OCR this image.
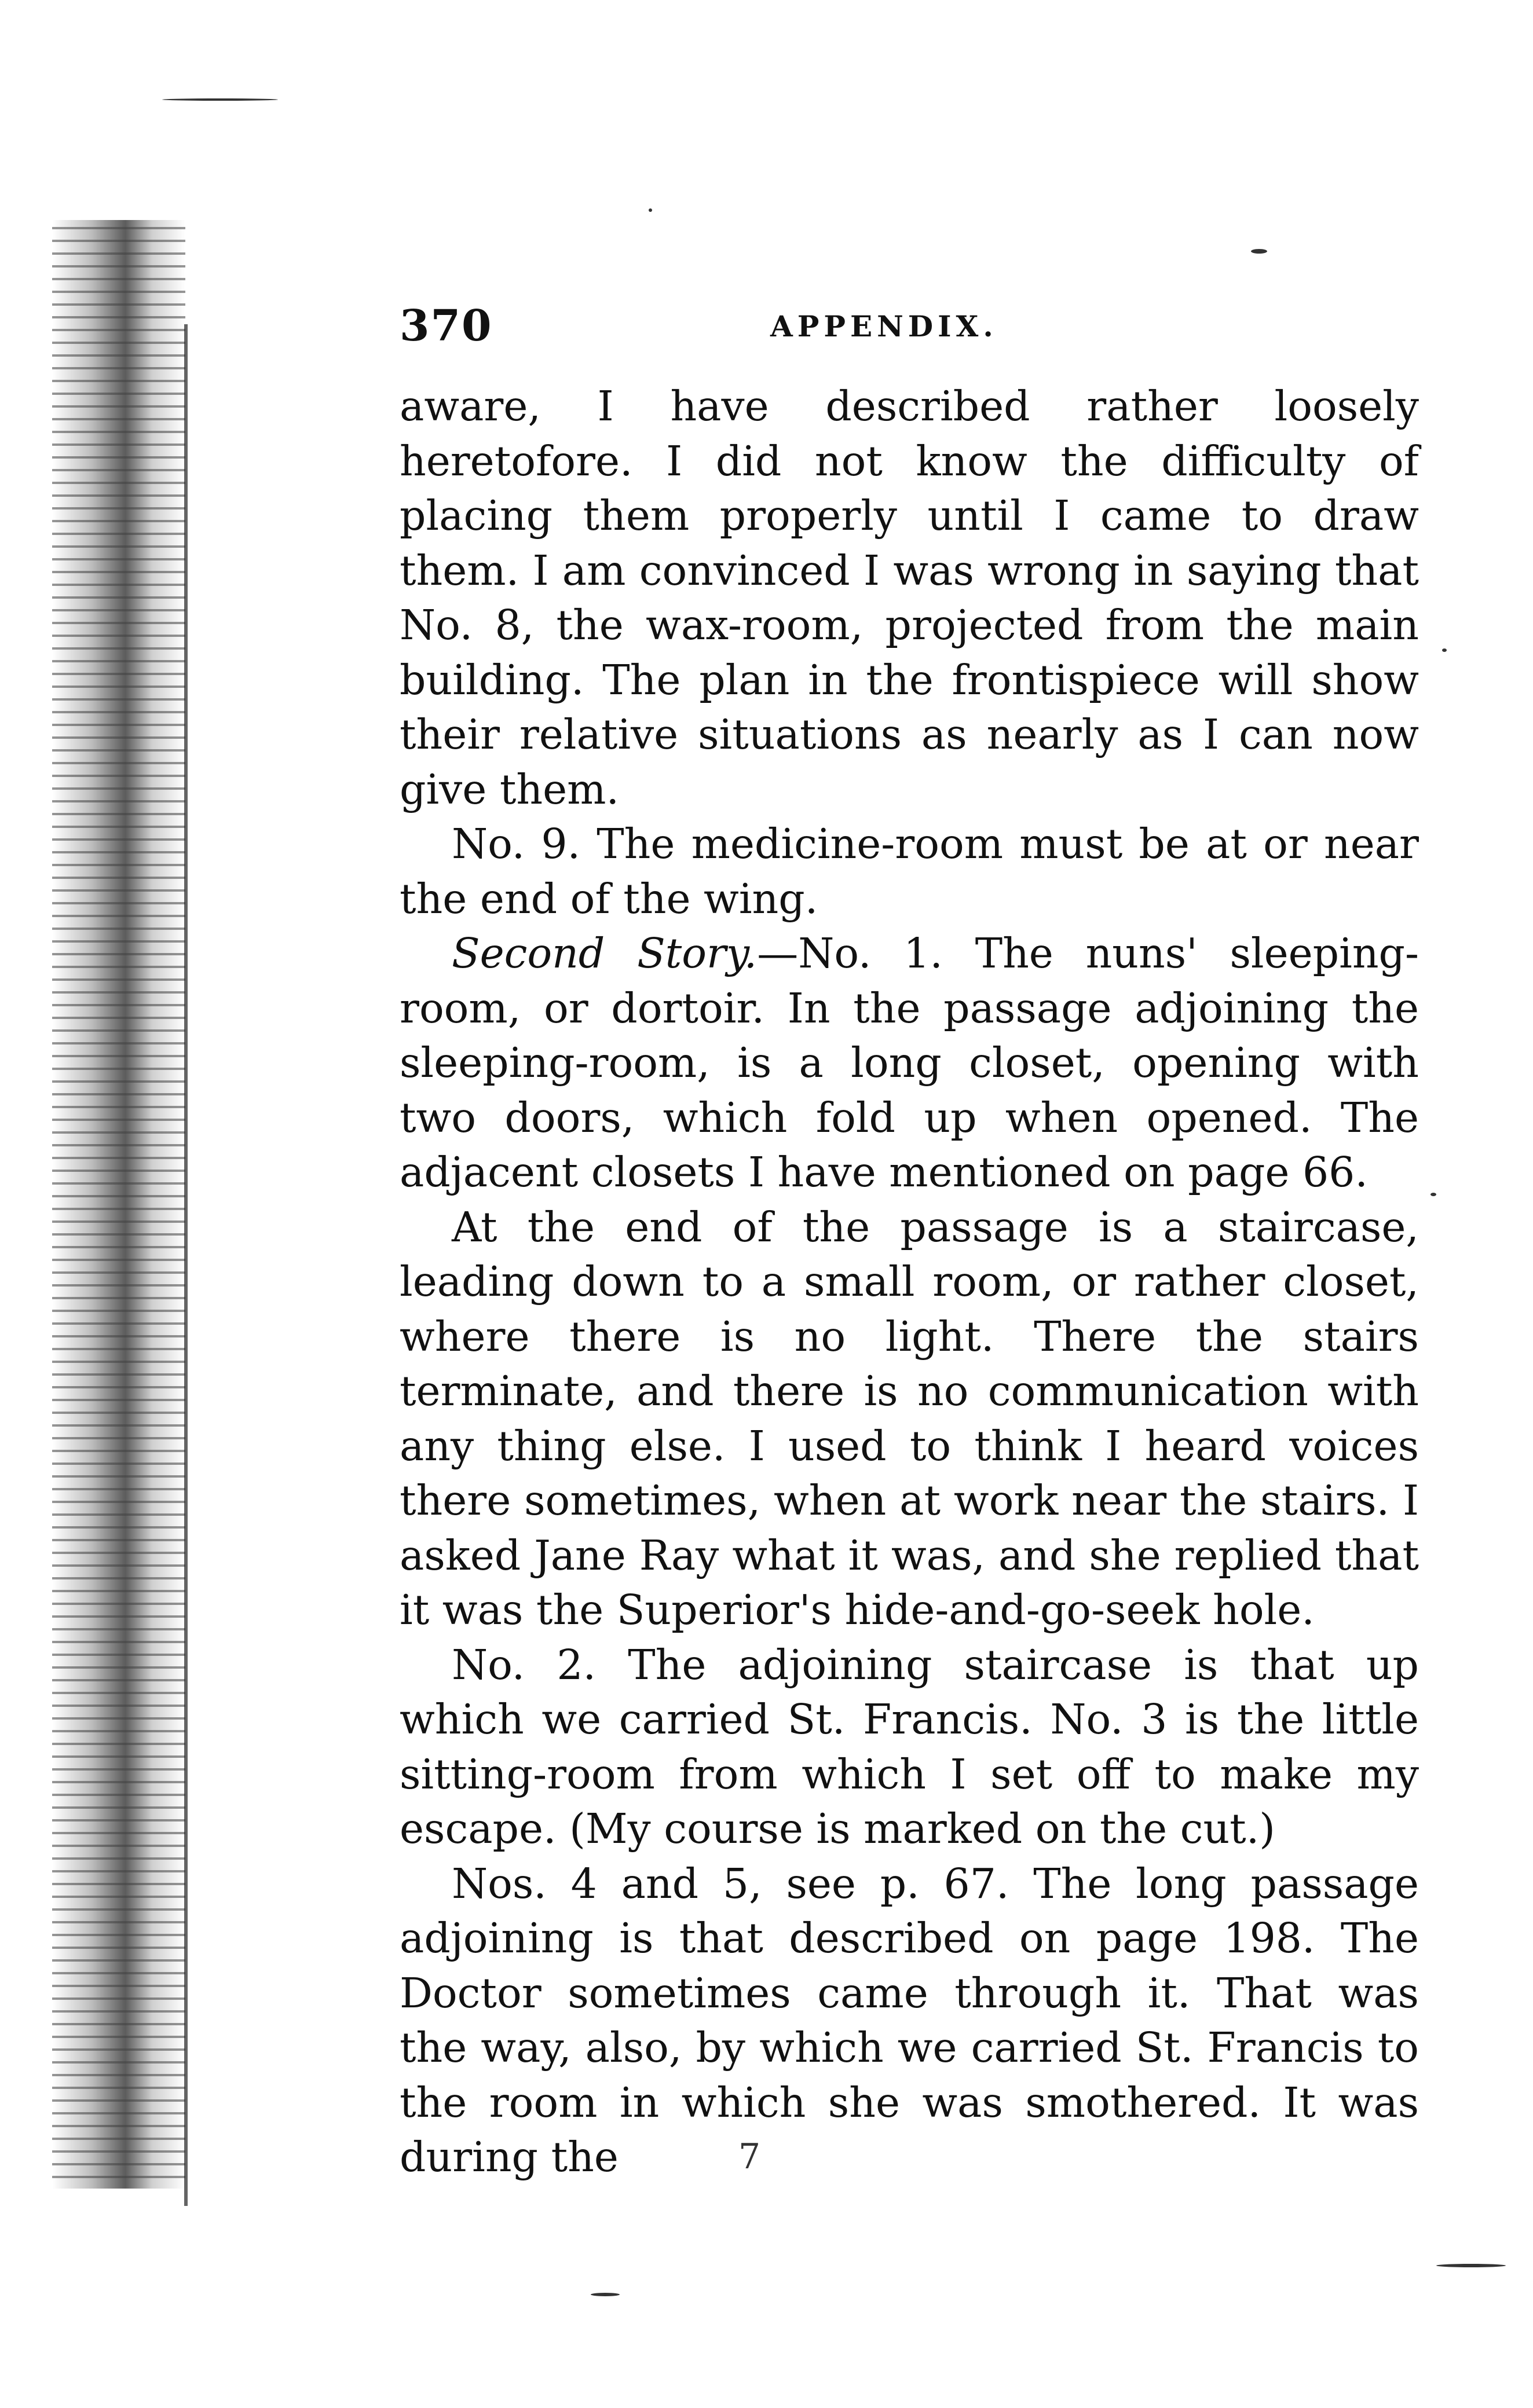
370	APPENDIX.

aware, I have described rather loosely heretofore. I did not know the difficulty of placing them properly until I came to draw them. I am convinced I was wrong in saying that No. 8, the wax-room, projected from the main building. The plan in the frontispiece will show their relative situations as nearly as I can now give them.

No. 9. The medicine-room must be at or near the end of the wing.

Second Story.—No. 1. The nuns' sleeping-room, or dortoir. In the passage adjoining the sleeping-room, is a long closet, opening with two doors, which fold up when opened. The adjacent closets I have mentioned on page 66.

At the end of the passage is a staircase, leading down to a small room, or rather closet, where there is no light. There the stairs terminate, and there is no communication with any thing else. I used to think I heard voices there sometimes, when at work near the stairs. I asked Jane Ray what it was, and she replied that it was the Superior's hide-and-go-seek hole.

No. 2. The adjoining staircase is that up which we carried St. Francis. No. 3 is the little sitting-room from which I set off to make my escape. (My course is marked on the cut.)

Nos. 4 and 5, see p. 67. The long passage adjoining is that described on page 198. The Doctor sometimes came through it. That was the way, also, by which we carried St. Francis to the room in which she was smothered. It was during the	7
